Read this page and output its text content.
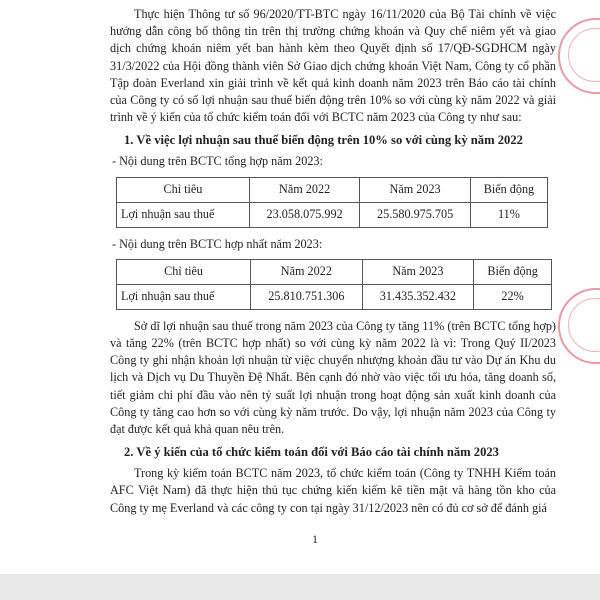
Thực hiện Thông tư số 96/2020/TT-BTC ngày 16/11/2020 của Bộ Tài chính về việc hướng dẫn công bố thông tin trên thị trường chứng khoán và Quy chế niêm yết và giao dịch chứng khoán niêm yết ban hành kèm theo Quyết định số 17/QĐ-SGDHCM ngày 31/3/2022 của Hội đồng thành viên Sở Giao dịch chứng khoán Việt Nam, Công ty cổ phần Tập đoàn Everland xin giải trình về kết quả kinh doanh năm 2023 trên Báo cáo tài chính của Công ty có số lợi nhuận sau thuế biến động trên 10% so với cùng kỳ năm 2022 và giải trình về ý kiến của tổ chức kiểm toán đối với BCTC năm 2023 của Công ty như sau:

1. Về việc lợi nhuận sau thuế biến động trên 10% so với cùng kỳ năm 2022

- Nội dung trên BCTC tổng hợp năm 2023:

Chỉ tiêu	Năm 2022	Năm 2023	Biến động
Lợi nhuận sau thuế	23.058.075.992	25.580.975.705	11%

- Nội dung trên BCTC hợp nhất năm 2023:

Chỉ tiêu	Năm 2022	Năm 2023	Biến động
Lợi nhuận sau thuế	25.810.751.306	31.435.352.432	22%

Sở dĩ lợi nhuận sau thuế trong năm 2023 của Công ty tăng 11% (trên BCTC tổng hợp) và tăng 22% (trên BCTC hợp nhất) so với cùng kỳ năm 2022 là vì: Trong Quý II/2023 Công ty ghi nhận khoản lợi nhuận từ việc chuyển nhượng khoản đầu tư vào Dự án Khu du lịch và Dịch vụ Du Thuyền Đệ Nhất. Bên cạnh đó nhờ vào việc tối ưu hóa, tăng doanh số, tiết giảm chi phí đầu vào nên tỷ suất lợi nhuận trong hoạt động sản xuất kinh doanh của Công ty tăng cao hơn so với cùng kỳ năm trước. Do vậy, lợi nhuận năm 2023 của Công ty đạt được kết quả khả quan nêu trên.

2. Về ý kiến của tổ chức kiểm toán đối với Báo cáo tài chính năm 2023

Trong kỳ kiểm toán BCTC năm 2023, tổ chức kiểm toán (Công ty TNHH Kiểm toán AFC Việt Nam) đã thực hiện thủ tục chứng kiến kiểm kê tiền mặt và hàng tồn kho của Công ty mẹ Everland và các công ty con tại ngày 31/12/2023 nên có đủ cơ sở để đánh giá

1
